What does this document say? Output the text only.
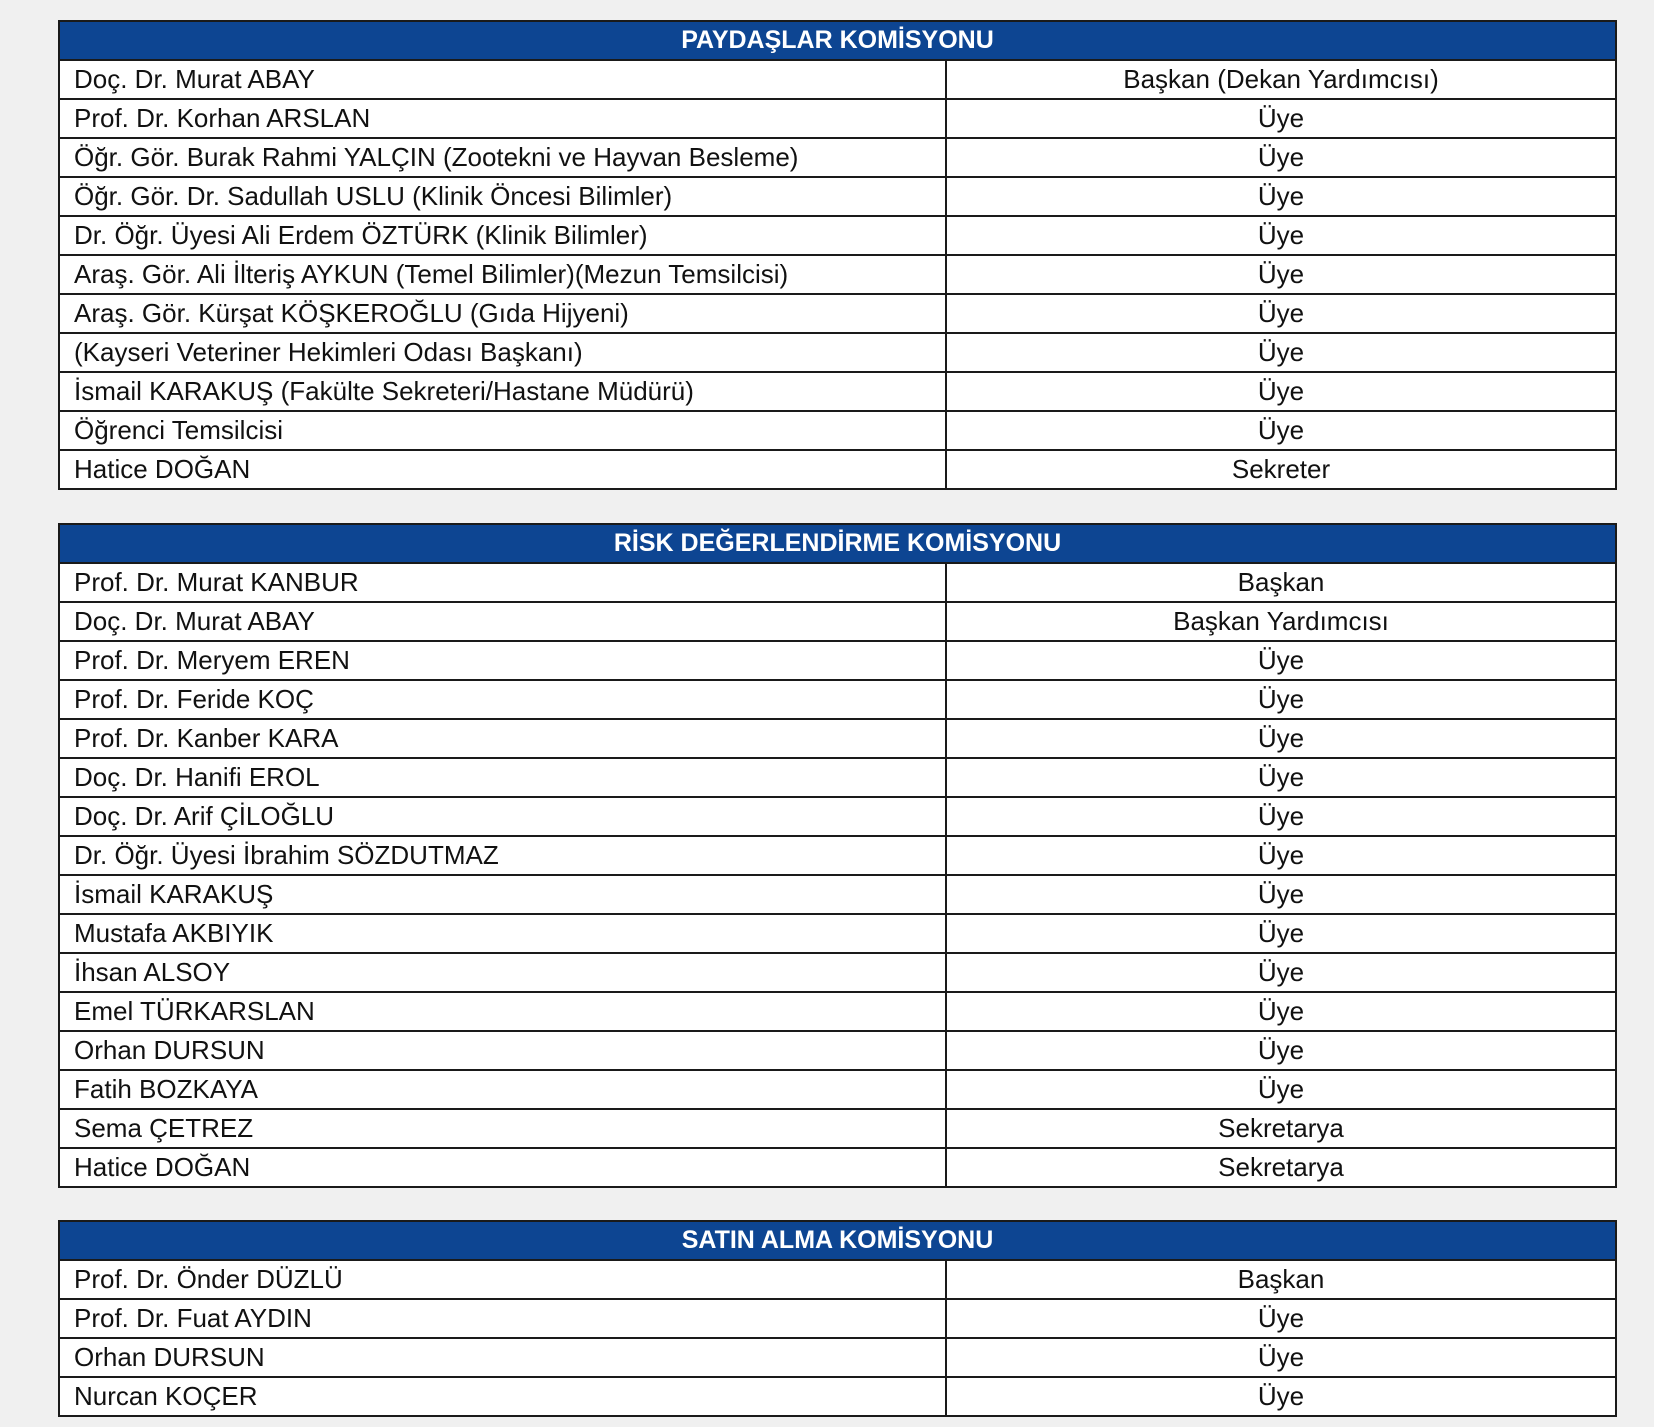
PAYDAŞLAR KOMİSYONU	
Doç. Dr. Murat ABAY	Başkan (Dekan Yardımcısı)
Prof. Dr. Korhan ARSLAN	Üye
Öğr. Gör. Burak Rahmi YALÇIN (Zootekni ve Hayvan Besleme)	Üye
Öğr. Gör. Dr. Sadullah USLU (Klinik Öncesi Bilimler)	Üye
Dr. Öğr. Üyesi Ali Erdem ÖZTÜRK (Klinik Bilimler)	Üye
Araş. Gör. Ali İlteriş AYKUN (Temel Bilimler)(Mezun Temsilcisi)	Üye
Araş. Gör. Kürşat KÖŞKEROĞLU (Gıda Hijyeni)	Üye
(Kayseri Veteriner Hekimleri Odası Başkanı)	Üye
İsmail KARAKUŞ (Fakülte Sekreteri/Hastane Müdürü)	Üye
Öğrenci Temsilcisi	Üye
Hatice DOĞAN	Sekreter
RİSK DEĞERLENDİRME KOMİSYONU	
Prof. Dr. Murat KANBUR	Başkan
Doç. Dr. Murat ABAY	Başkan Yardımcısı
Prof. Dr. Meryem EREN	Üye
Prof. Dr. Feride KOÇ	Üye
Prof. Dr. Kanber KARA	Üye
Doç. Dr. Hanifi EROL	Üye
Doç. Dr. Arif ÇİLOĞLU	Üye
Dr. Öğr. Üyesi İbrahim SÖZDUTMAZ	Üye
İsmail KARAKUŞ	Üye
Mustafa AKBIYIK	Üye
İhsan ALSOY	Üye
Emel TÜRKARSLAN	Üye
Orhan DURSUN	Üye
Fatih BOZKAYA	Üye
Sema ÇETREZ	Sekretarya
Hatice DOĞAN	Sekretarya
SATIN ALMA KOMİSYONU	
Prof. Dr. Önder DÜZLÜ	Başkan
Prof. Dr. Fuat AYDIN	Üye
Orhan DURSUN	Üye
Nurcan KOÇER	Üye
